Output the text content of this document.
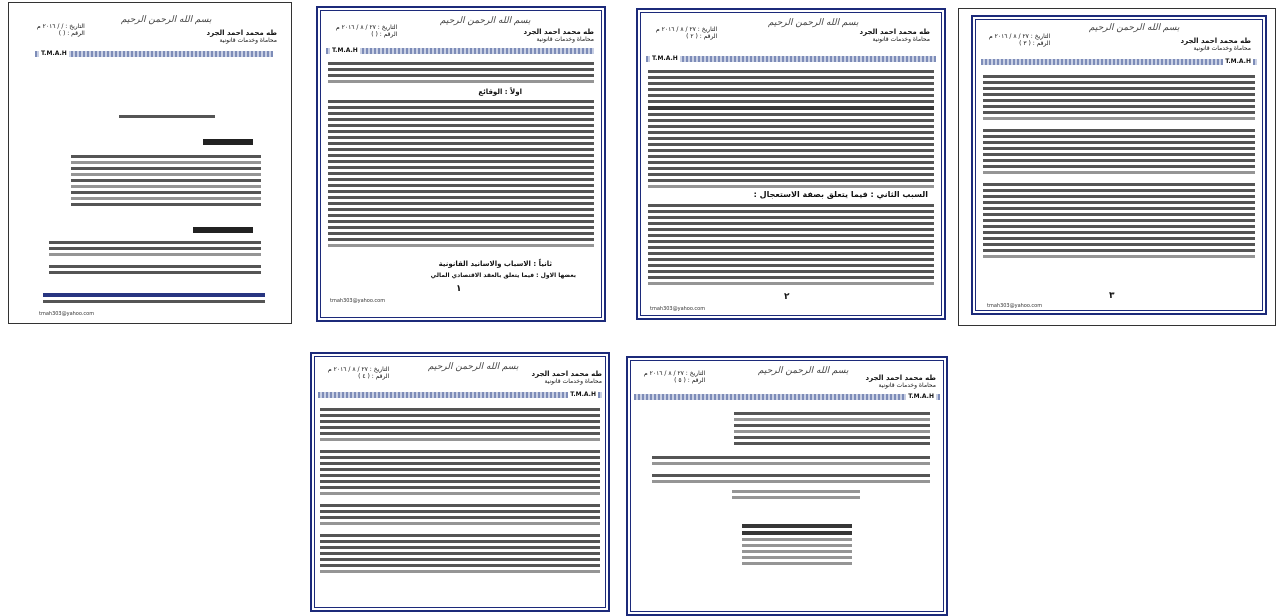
بسم الله الرحمن الرحيم
طه محمد احمد الجرد
محاماة وخدمات قانونية
التاريخ : / / ٢٠١٦ م
الرقم : ( )
T.M.A.H
tmah303@yahoo.com
بسم الله الرحمن الرحيم
طه محمد احمد الجرد
محاماة وخدمات قانونية
التاريخ : ٢٧ / ٨ / ٢٠١٦ م
الرقم : ( )
T.M.A.H
اولاً : الوقائع
ثانياً : الاسباب والاسانيد القانونية
بعضها الاول : فيما يتعلق بالعقد الاقتصادي المالي
١
tmah303@yahoo.com
بسم الله الرحمن الرحيم
طه محمد احمد الجرد
محاماة وخدمات قانونية
التاريخ : ٢٧ / ٨ / ٢٠١٦ م
الرقم : ( ٢ )
T.M.A.H
السبب الثاني : فيما يتعلق بصفة الاستعجال :
٢
tmah303@yahoo.com
بسم الله الرحمن الرحيم
طه محمد احمد الجرد
محاماة وخدمات قانونية
التاريخ : ٢٧ / ٨ / ٢٠١٦ م
الرقم : ( ٣ )
T.M.A.H
٣
tmah303@yahoo.com
بسم الله الرحمن الرحيم
طه محمد احمد الجرد
محاماة وخدمات قانونية
التاريخ : ٢٧ / ٨ / ٢٠١٦ م
الرقم : ( ٤ )
T.M.A.H
بسم الله الرحمن الرحيم
طه محمد احمد الجرد
محاماة وخدمات قانونية
التاريخ : ٢٧ / ٨ / ٢٠١٦ م
الرقم : ( ٥ )
T.M.A.H
